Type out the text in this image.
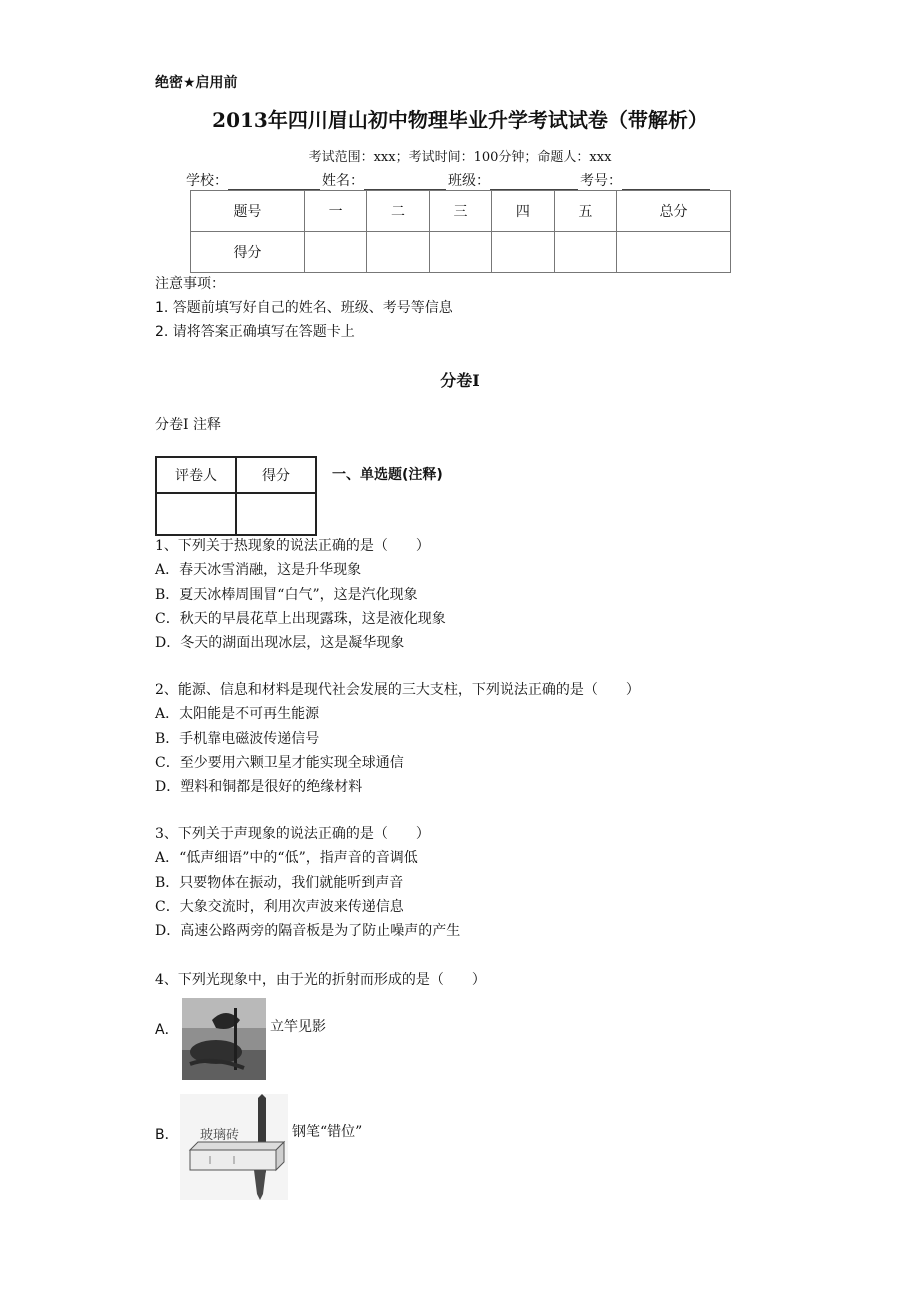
绝密★启用前
2013年四川眉山初中物理毕业升学考试试卷（带解析）
考试范围：xxx；考试时间：100分钟；命题人：xxx
学校：	姓名：	班级：	考号：
题号	一	二	三	四	五	总分
得分						
注意事项：
1. 答题前填写好自己的姓名、班级、考号等信息
2. 请将答案正确填写在答题卡上
分卷I
分卷I 注释
评卷人	得分
		一、单选题(注释)
1、下列关于热现象的说法正确的是（　　）
A．春天冰雪消融，这是升华现象
B．夏天冰棒周围冒“白气”，这是汽化现象
C．秋天的早晨花草上出现露珠，这是液化现象
D．冬天的湖面出现冰层，这是凝华现象
2、能源、信息和材料是现代社会发展的三大支柱，下列说法正确的是（　　）
A．太阳能是不可再生能源
B．手机靠电磁波传递信号
C．至少要用六颗卫星才能实现全球通信
D．塑料和铜都是很好的绝缘材料
3、下列关于声现象的说法正确的是（　　）
A．“低声细语”中的“低”，指声音的音调低
B．只要物体在振动，我们就能听到声音
C．大象交流时，利用次声波来传递信息
D．高速公路两旁的隔音板是为了防止噪声的产生
4、下列光现象中，由于光的折射而形成的是（　　）
A．	立竿见影
B． 玻璃砖	钢笔“错位”
